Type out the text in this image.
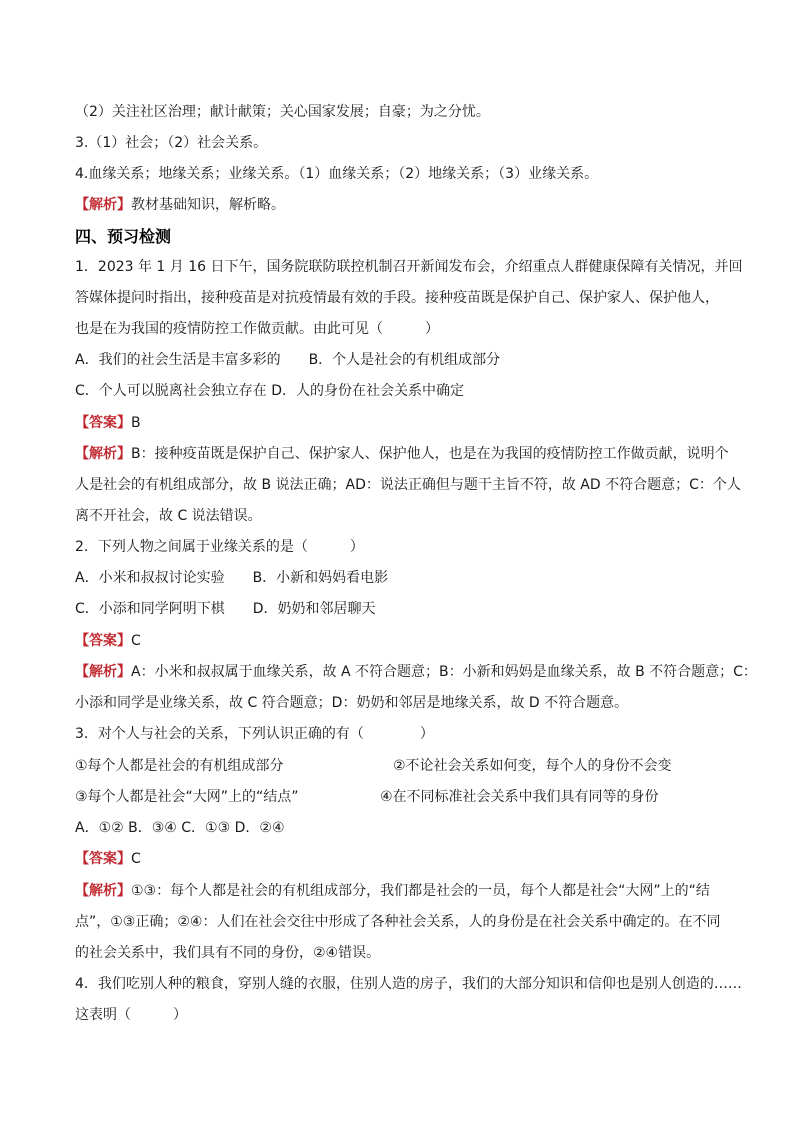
（2）关注社区治理；献计献策；关心国家发展；自豪；为之分忧。
3.（1）社会；（2）社会关系。
4.血缘关系；地缘关系；业缘关系。（1）血缘关系；（2）地缘关系；（3）业缘关系。
【解析】教材基础知识，解析略。
四、预习检测
1．2023 年 1 月 16 日下午，国务院联防联控机制召开新闻发布会，介绍重点人群健康保障有关情况，并回
答媒体提问时指出，接种疫苗是对抗疫情最有效的手段。接种疫苗既是保护自己、保护家人、保护他人，
也是在为我国的疫情防控工作做贡献。由此可见（　　　）
A．我们的社会生活是丰富多彩的　　B．个人是社会的有机组成部分
C．个人可以脱离社会独立存在 D．人的身份在社会关系中确定
【答案】B
【解析】B：接种疫苗既是保护自己、保护家人、保护他人，也是在为我国的疫情防控工作做贡献，说明个
人是社会的有机组成部分，故 B 说法正确；AD：说法正确但与题干主旨不符，故 AD 不符合题意；C：个人
离不开社会，故 C 说法错误。
2．下列人物之间属于业缘关系的是（　　　）
A．小米和叔叔讨论实验　　B．小新和妈妈看电影
C．小添和同学阿明下棋　　D．奶奶和邻居聊天
【答案】C
【解析】A：小米和叔叔属于血缘关系，故 A 不符合题意；B：小新和妈妈是血缘关系，故 B 不符合题意；C：
小添和同学是业缘关系，故 C 符合题意；D：奶奶和邻居是地缘关系，故 D 不符合题意。
3．对个人与社会的关系，下列认识正确的有（　　　　）
①每个人都是社会的有机组成部分	②不论社会关系如何变，每个人的身份不会变
③每个人都是社会“大网”上的“结点”	④在不同标准社会关系中我们具有同等的身份
A．①② B．③④ C．①③ D．②④
【答案】C
【解析】①③：每个人都是社会的有机组成部分，我们都是社会的一员，每个人都是社会“大网”上的“结
点”，①③正确；②④：人们在社会交往中形成了各种社会关系，人的身份是在社会关系中确定的。在不同
的社会关系中，我们具有不同的身份，②④错误。
4．我们吃别人种的粮食，穿别人缝的衣服，住别人造的房子，我们的大部分知识和信仰也是别人创造的……
这表明（　　　）
